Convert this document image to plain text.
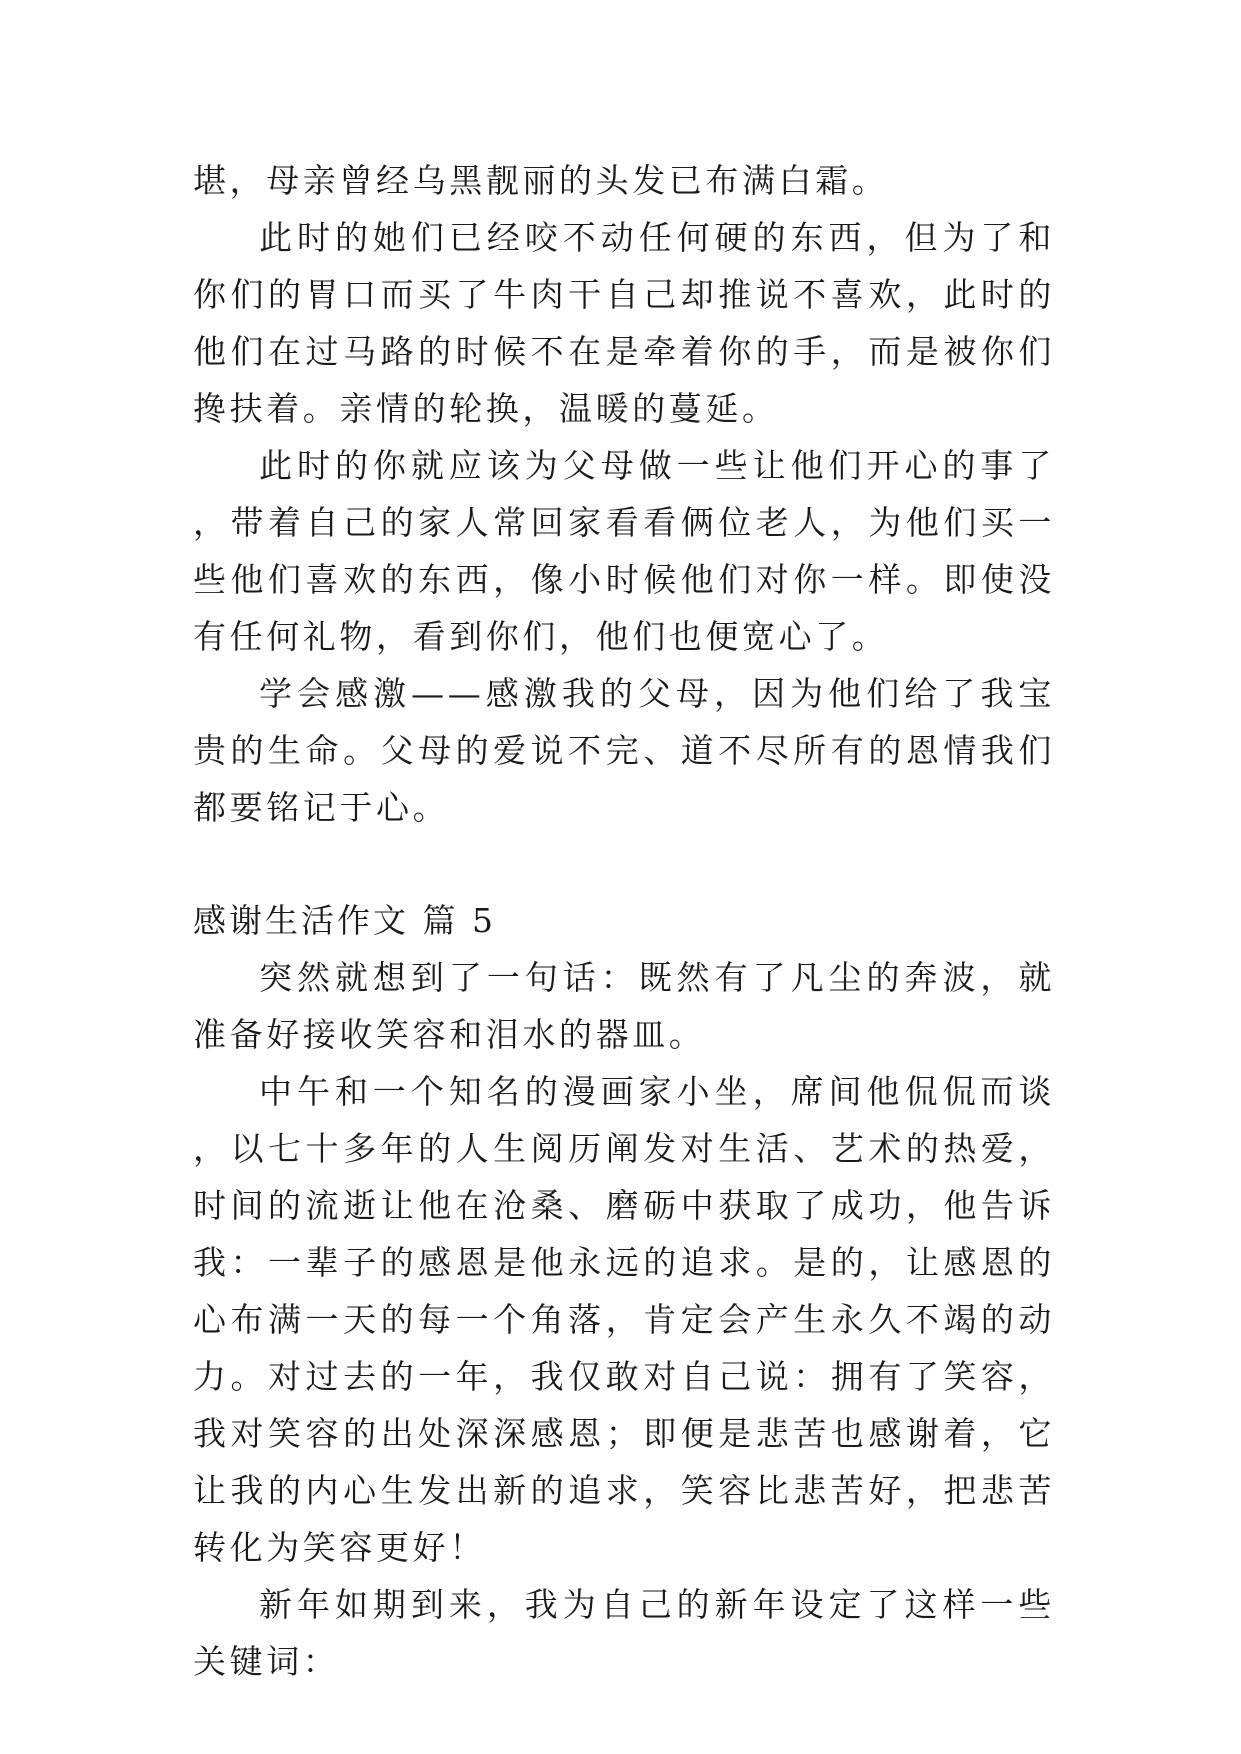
堪，母亲曾经乌黑靓丽的头发已布满白霜。

此时的她们已经咬不动任何硬的东西，但为了和你们的胃口而买了牛肉干自己却推说不喜欢，此时的他们在过马路的时候不在是牵着你的手，而是被你们搀扶着。亲情的轮换，温暖的蔓延。

此时的你就应该为父母做一些让他们开心的事了，带着自己的家人常回家看看俩位老人，为他们买一些他们喜欢的东西，像小时候他们对你一样。即使没有任何礼物，看到你们，他们也便宽心了。

学会感激——感激我的父母，因为他们给了我宝贵的生命。父母的爱说不完、道不尽所有的恩情我们都要铭记于心。

感谢生活作文 篇 5

突然就想到了一句话：既然有了凡尘的奔波，就准备好接收笑容和泪水的器皿。

中午和一个知名的漫画家小坐，席间他侃侃而谈，以七十多年的人生阅历阐发对生活、艺术的热爱，时间的流逝让他在沧桑、磨砺中获取了成功，他告诉我：一辈子的感恩是他永远的追求。是的，让感恩的心布满一天的每一个角落，肯定会产生永久不竭的动力。对过去的一年，我仅敢对自己说：拥有了笑容，我对笑容的出处深深感恩；即便是悲苦也感谢着，它让我的内心生发出新的追求，笑容比悲苦好，把悲苦转化为笑容更好！

新年如期到来，我为自己的新年设定了这样一些关键词：
